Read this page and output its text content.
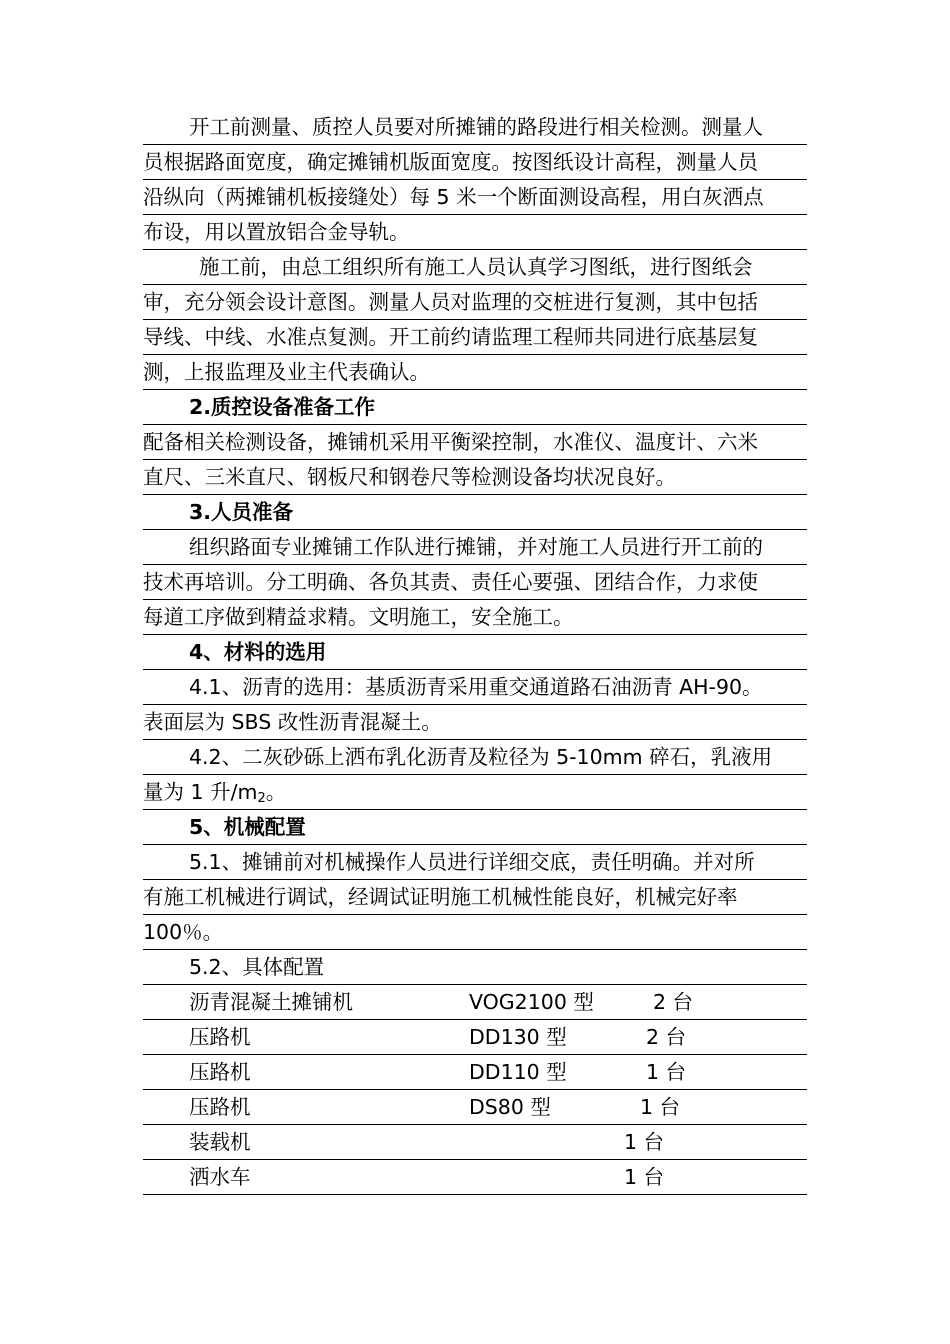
开工前测量、质控人员要对所摊铺的路段进行相关检测。测量人
员根据路面宽度，确定摊铺机版面宽度。按图纸设计高程，测量人员
沿纵向（两摊铺机板接缝处）每 5 米一个断面测设高程，用白灰洒点
布设，用以置放铝合金导轨。
施工前，由总工组织所有施工人员认真学习图纸，进行图纸会
审，充分领会设计意图。测量人员对监理的交桩进行复测，其中包括
导线、中线、水准点复测。开工前约请监理工程师共同进行底基层复
测，上报监理及业主代表确认。
2.质控设备准备工作
配备相关检测设备，摊铺机采用平衡梁控制，水准仪、温度计、六米
直尺、三米直尺、钢板尺和钢卷尺等检测设备均状况良好。
3.人员准备
组织路面专业摊铺工作队进行摊铺，并对施工人员进行开工前的
技术再培训。分工明确、各负其责、责任心要强、团结合作，力求使
每道工序做到精益求精。文明施工，安全施工。
4、材料的选用
4.1、沥青的选用：基质沥青采用重交通道路石油沥青 AH-90。
表面层为 SBS 改性沥青混凝土。
4.2、二灰砂砾上洒布乳化沥青及粒径为 5-10mm 碎石，乳液用
量为 1 升$/m_2$。
5、机械配置
5.1、摊铺前对机械操作人员进行详细交底，责任明确。并对所
有施工机械进行调试，经调试证明施工机械性能良好，机械完好率
100％。
5.2、具体配置
沥青混凝土摊铺机	VOG2100 型	2 台
压路机	DD130 型	2 台
压路机	DD110 型	1 台
压路机	DS80 型	1 台
装载机	1 台
洒水车	1 台
